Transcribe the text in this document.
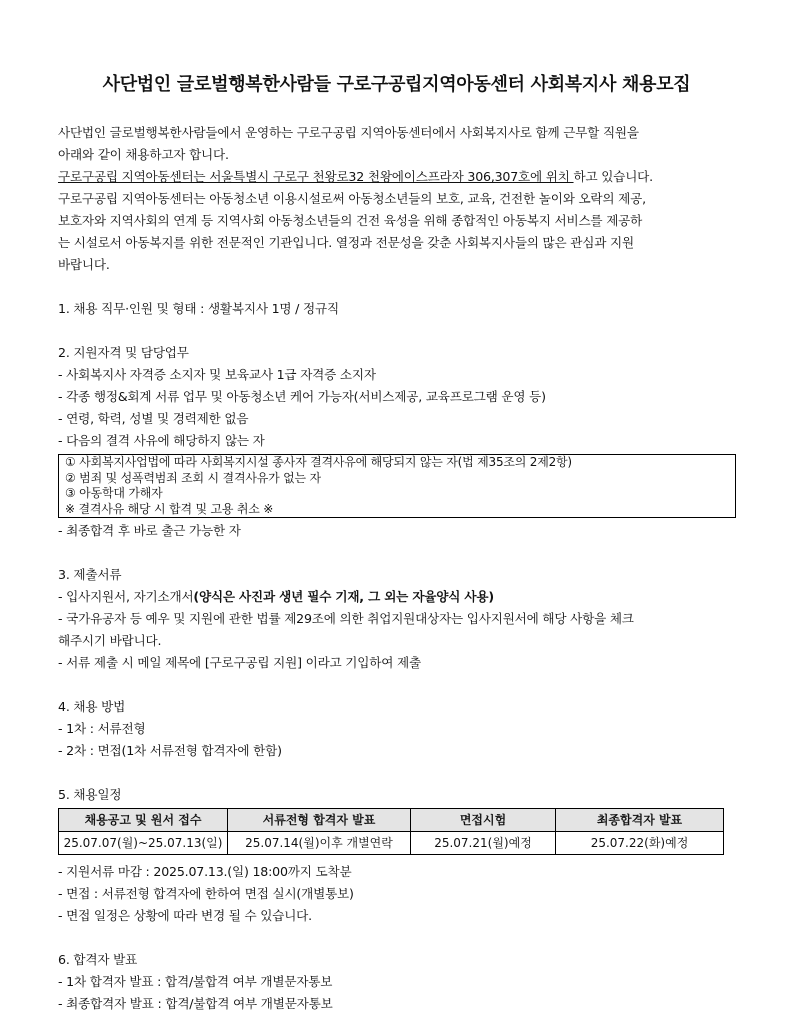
사단법인 글로벌행복한사람들 구로구공립지역아동센터 사회복지사 채용모집
사단법인 글로벌행복한사람들에서 운영하는 구로구공립 지역아동센터에서 사회복지사로 함께 근무할 직원을
아래와 같이 채용하고자 합니다.
구로구공립 지역아동센터는 서울특별시 구로구 천왕로32 천왕에이스프라자 306,307호에 위치 하고 있습니다.
구로구공립 지역아동센터는 아동청소년 이용시설로써 아동청소년들의 보호, 교육, 건전한 놀이와 오락의 제공,
보호자와 지역사회의 연계 등 지역사회 아동청소년들의 건전 육성을 위해 종합적인 아동복지 서비스를 제공하
는 시설로서 아동복지를 위한 전문적인 기관입니다. 열정과 전문성을 갖춘 사회복지사들의 많은 관심과 지원
바랍니다.
1. 채용 직무·인원 및 형태 : 생활복지사 1명 / 정규직
2. 지원자격 및 담당업무
- 사회복지사 자격증 소지자 및 보육교사 1급 자격증 소지자
- 각종 행정&회계 서류 업무 및 아동청소년 케어 가능자(서비스제공, 교육프로그램 운영 등)
- 연령, 학력, 성별 및 경력제한 없음
- 다음의 결격 사유에 해당하지 않는 자
① 사회복지사업법에 따라 사회복지시설 종사자 결격사유에 해당되지 않는 자(법 제35조의 2제2항)
② 범죄 및 성폭력범죄 조회 시 결격사유가 없는 자
③ 아동학대 가해자
※ 결격사유 해당 시 합격 및 고용 취소 ※
- 최종합격 후 바로 출근 가능한 자
3. 제출서류
- 입사지원서, 자기소개서(양식은 사진과 생년 필수 기재, 그 외는 자율양식 사용)
- 국가유공자 등 예우 및 지원에 관한 법률 제29조에 의한 취업지원대상자는 입사지원서에 해당 사항을 체크
해주시기 바랍니다.
- 서류 제출 시 메일 제목에 [구로구공립 지원] 이라고 기입하여 제출
4. 채용 방법
- 1차 : 서류전형
- 2차 : 면접(1차 서류전형 합격자에 한함)
5. 채용일정
채용공고 및 원서 접수	서류전형 합격자 발표	면접시험	최종합격자 발표
25.07.07(월)~25.07.13(일)	25.07.14(월)이후 개별연락	25.07.21(월)예정	25.07.22(화)예정
- 지원서류 마감 : 2025.07.13.(일) 18:00까지 도착분
- 면접 : 서류전형 합격자에 한하여 면접 실시(개별통보)
- 면접 일정은 상황에 따라 변경 될 수 있습니다.
6. 합격자 발표
- 1차 합격자 발표 : 합격/불합격 여부 개별문자통보
- 최종합격자 발표 : 합격/불합격 여부 개별문자통보
